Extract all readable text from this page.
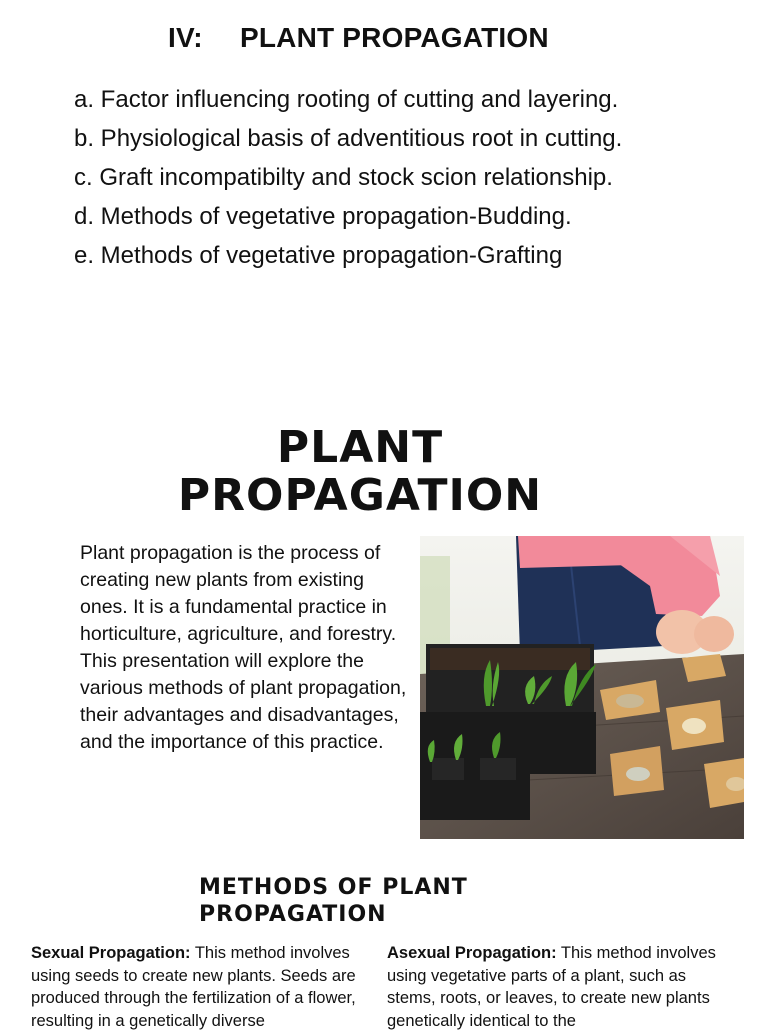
IV: PLANT PROPAGATION
a. Factor influencing rooting of cutting and layering.
b. Physiological basis of adventitious root in cutting.
c. Graft incompatibilty and stock scion relationship.
d. Methods of vegetative propagation-Budding.
e. Methods of vegetative propagation-Grafting
PLANT
PROPAGATION

Plant propagation is the process of creating new plants from existing ones. It is a fundamental practice in horticulture, agriculture, and forestry. This presentation will explore the various methods of plant propagation, their advantages and disadvantages, and the importance of this practice.

METHODS OF PLANT
PROPAGATION

Sexual Propagation: This method involves using seeds to create new plants. Seeds are produced through the fertilization of a flower, resulting in a genetically diverse

Asexual Propagation: This method involves using vegetative parts of a plant, such as stems, roots, or leaves, to create new plants genetically identical to the
